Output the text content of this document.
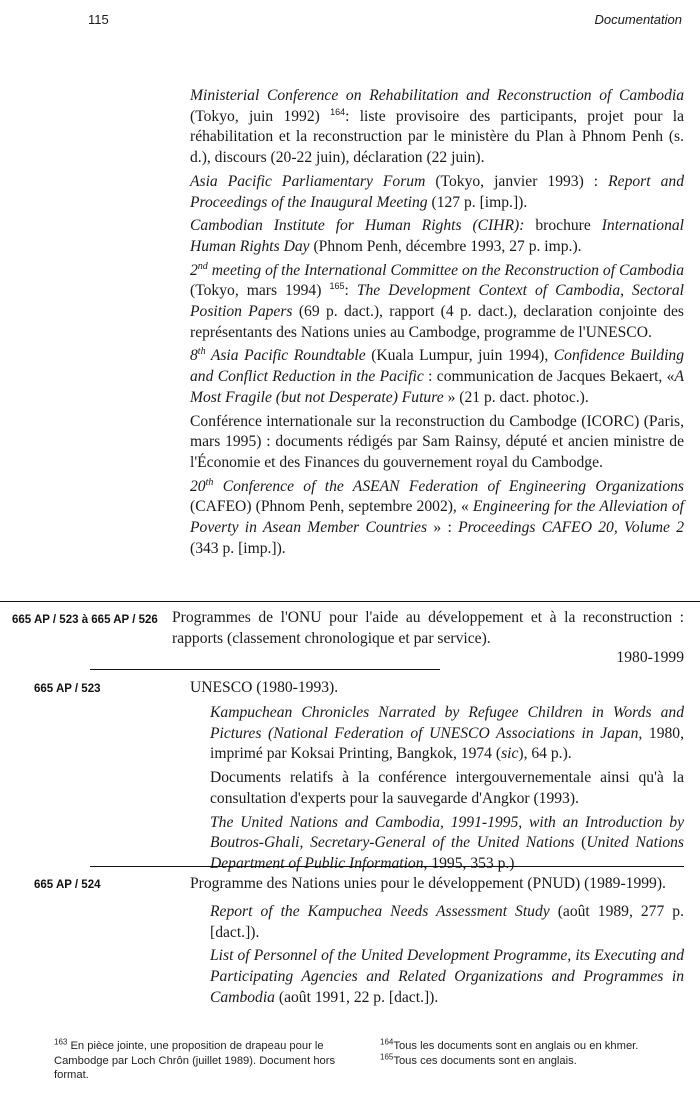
115	Documentation
Ministerial Conference on Rehabilitation and Reconstruction of Cambodia (Tokyo, juin 1992) $^{164}$: liste provisoire des participants, projet pour la réhabilitation et la reconstruction par le ministère du Plan à Phnom Penh (s. d.), discours (20-22 juin), déclaration (22 juin).
Asia Pacific Parliamentary Forum (Tokyo, janvier 1993) : Report and Proceedings of the Inaugural Meeting (127 p. [imp.]).
Cambodian Institute for Human Rights (CIHR): brochure International Human Rights Day (Phnom Penh, décembre 1993, 27 p. imp.).
2nd meeting of the International Committee on the Reconstruction of Cambodia (Tokyo, mars 1994) $^{165}$: The Development Context of Cambodia, Sectoral Position Papers (69 p. dact.), rapport (4 p. dact.), declaration conjointe des représentants des Nations unies au Cambodge, programme de l'UNESCO.
8th Asia Pacific Roundtable (Kuala Lumpur, juin 1994), Confidence Building and Conflict Reduction in the Pacific : communication de Jacques Bekaert, «A Most Fragile (but not Desperate) Future » (21 p. dact. photoc.).
Conférence internationale sur la reconstruction du Cambodge (ICORC) (Paris, mars 1995) : documents rédigés par Sam Rainsy, député et ancien ministre de l'Économie et des Finances du gouvernement royal du Cambodge.
20th Conference of the ASEAN Federation of Engineering Organizations (CAFEO) (Phnom Penh, septembre 2002), « Engineering for the Alleviation of Poverty in Asean Member Countries » : Proceedings CAFEO 20, Volume 2 (343 p. [imp.]).
665 AP / 523 à 665 AP / 526 Programmes de l'ONU pour l'aide au développement et à la reconstruction : rapports (classement chronologique et par service).
1980-1999
665 AP / 523	UNESCO (1980-1993).
Kampuchean Chronicles Narrated by Refugee Children in Words and Pictures (National Federation of UNESCO Associations in Japan, 1980, imprimé par Koksai Printing, Bangkok, 1974 (sic), 64 p.).
Documents relatifs à la conférence intergouvernementale ainsi qu'à la consultation d'experts pour la sauvegarde d'Angkor (1993).
The United Nations and Cambodia, 1991-1995, with an Introduction by Boutros-Ghali, Secretary-General of the United Nations (United Nations Department of Public Information, 1995, 353 p.)
665 AP / 524	Programme des Nations unies pour le développement (PNUD) (1989-1999).
Report of the Kampuchea Needs Assessment Study (août 1989, 277 p. [dact.]).
List of Personnel of the United Development Programme, its Executing and Participating Agencies and Related Organizations and Programmes in Cambodia (août 1991, 22 p. [dact.]).
$^{163}$ En pièce jointe, une proposition de drapeau pour le Cambodge par Loch Chrôn (juillet 1989). Document hors format.
$^{164}$Tous les documents sont en anglais ou en khmer.
$^{165}$Tous ces documents sont en anglais.
